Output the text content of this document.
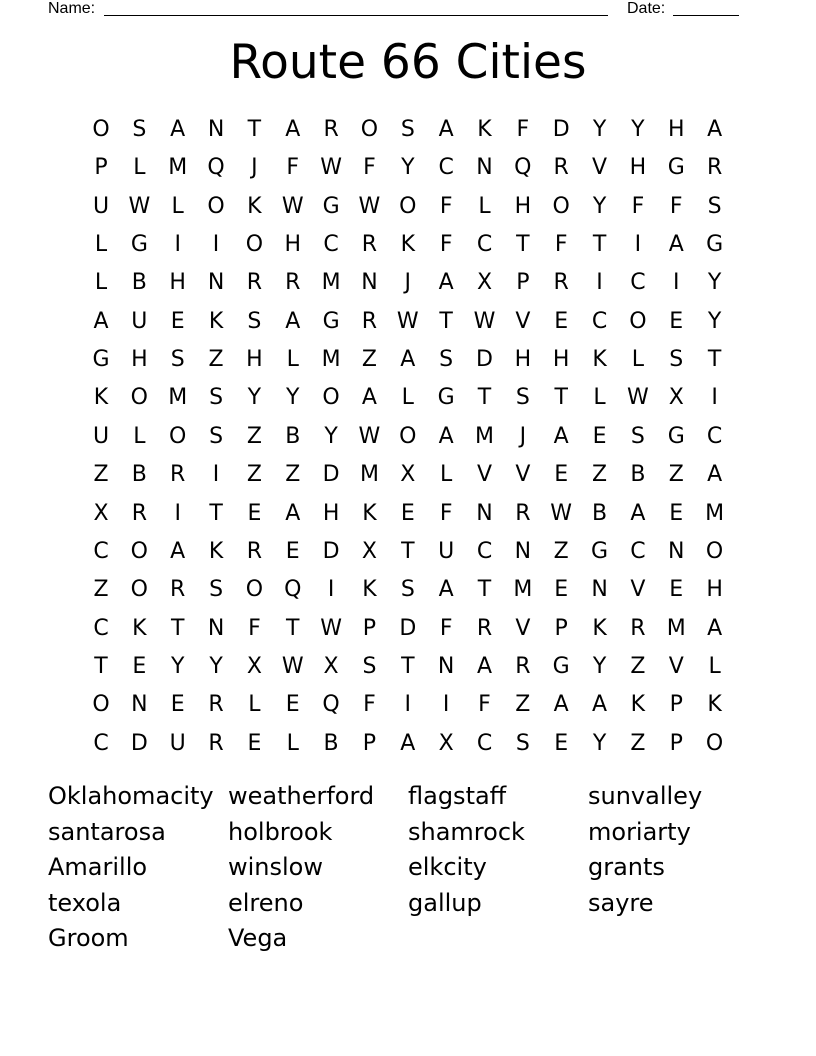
Name:	Date:
Route 66 Cities
O	S	A	N	T	A	R	O	S	A	K	F	D	Y	Y	H	A
P	L	M Q	J	F W F	Y	C	N Q	R	V	H G	R
U W L	O	K W G W O	F	L	H O	Y	F	F	S
L	G	I	I	O H	C	R	K	F	C	T	F	T	I	A	G
L	B	H N	R	R M N	J	A	X	P	R	I	C	I	Y
A	U	E	K	S	A	G	R W T W V	E	C O	E	Y
G H	S	Z	H	L	M Z	A	S	D H H	K	L	S	T
K	O M S	Y	Y	O	A	L	G	T	S	T	L W X	I
U	L	O	S	Z	B	Y W O	A M	J	A	E	S	G	C
Z	B	R	I	Z	Z	D M X	L	V	V	E	Z	B	Z	A
X	R	I	T	E	A	H	K	E	F	N	R W B	A	E M
C O	A	K	R	E	D	X	T	U	C	N	Z	G	C	N O
Z	O	R	S	O Q	I	K	S	A	T	M E	N	V	E	H
C	K	T	N	F	T W P	D	F	R	V	P	K	R M A
T	E	Y	Y	X W X	S	T	N	A	R	G	Y	Z	V	L
O N	E	R	L	E	Q	F	I	I	F	Z	A	A	K	P	K
C	D U	R	E	L	B	P	A	X	C	S	E	Y	Z	P	O
Oklahomacity weatherford flagstaff	sunvalley
santarosa	holbrook	shamrock	moriarty
Amarillo	winslow	elkcity	grants
texola	elreno	gallup	sayre
Groom	Vega
